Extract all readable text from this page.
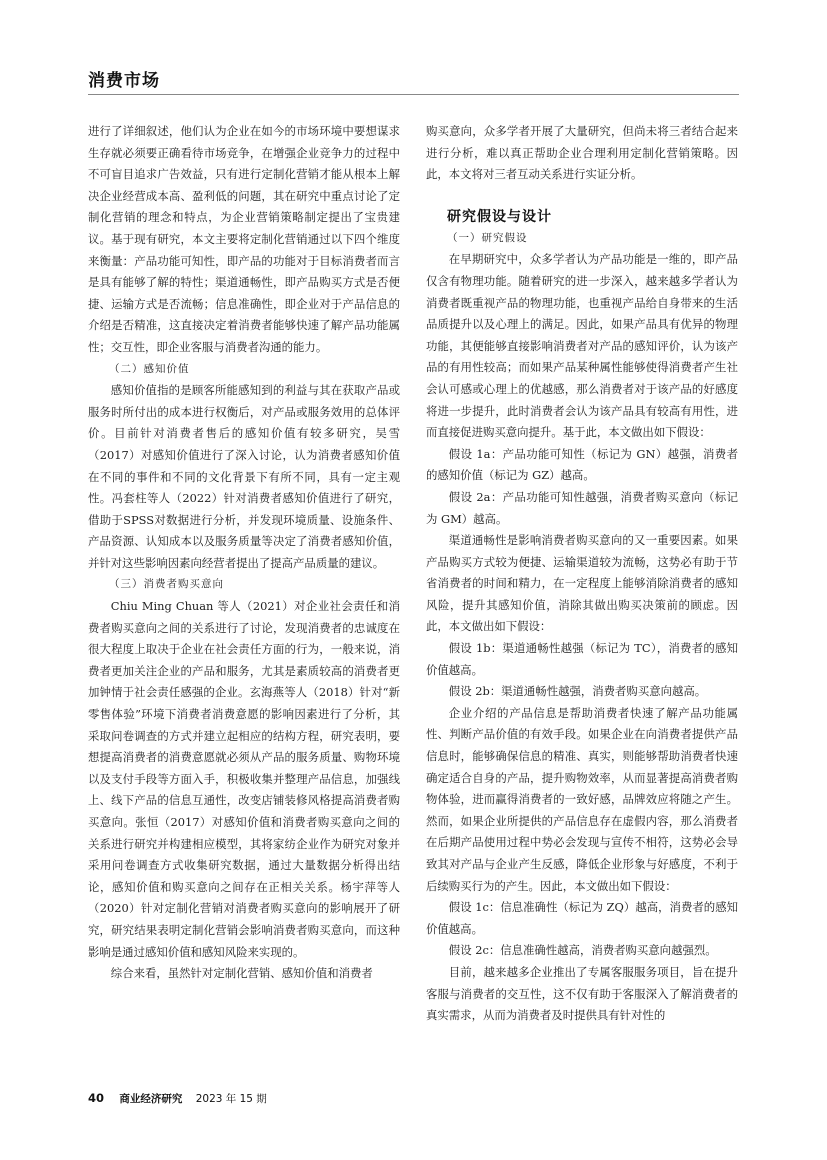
消费市场

进行了详细叙述，他们认为企业在如今的市场环境中要想谋求生存就必须要正确看待市场竞争，在增强企业竞争力的过程中不可盲目追求广告效益，只有进行定制化营销才能从根本上解决企业经营成本高、盈利低的问题，其在研究中重点讨论了定制化营销的理念和特点，为企业营销策略制定提出了宝贵建议。基于现有研究，本文主要将定制化营销通过以下四个维度来衡量：产品功能可知性，即产品的功能对于目标消费者而言是具有能够了解的特性；渠道通畅性，即产品购买方式是否便捷、运输方式是否流畅；信息准确性，即企业对于产品信息的介绍是否精准，这直接决定着消费者能够快速了解产品功能属性；交互性，即企业客服与消费者沟通的能力。

（二）感知价值

感知价值指的是顾客所能感知到的利益与其在获取产品或服务时所付出的成本进行权衡后，对产品或服务效用的总体评价。目前针对消费者售后的感知价值有较多研究，吴雪（2017）对感知价值进行了深入讨论，认为消费者感知价值在不同的事件和不同的文化背景下有所不同，具有一定主观性。冯套柱等人（2022）针对消费者感知价值进行了研究，借助于SPSS对数据进行分析，并发现环境质量、设施条件、产品资源、认知成本以及服务质量等决定了消费者感知价值，并针对这些影响因素向经营者提出了提高产品质量的建议。

（三）消费者购买意向

Chiu Ming Chuan 等人（2021）对企业社会责任和消费者购买意向之间的关系进行了讨论，发现消费者的忠诚度在很大程度上取决于企业在社会责任方面的行为，一般来说，消费者更加关注企业的产品和服务，尤其是素质较高的消费者更加钟情于社会责任感强的企业。玄海燕等人（2018）针对“新零售体验”环境下消费者消费意愿的影响因素进行了分析，其采取问卷调查的方式并建立起相应的结构方程，研究表明，要想提高消费者的消费意愿就必须从产品的服务质量、购物环境以及支付手段等方面入手，积极收集并整理产品信息，加强线上、线下产品的信息互通性，改变店铺装修风格提高消费者购买意向。张恒（2017）对感知价值和消费者购买意向之间的关系进行研究并构建相应模型，其将家纺企业作为研究对象并采用问卷调查方式收集研究数据，通过大量数据分析得出结论，感知价值和购买意向之间存在正相关关系。杨宇萍等人（2020）针对定制化营销对消费者购买意向的影响展开了研究，研究结果表明定制化营销会影响消费者购买意向，而这种影响是通过感知价值和感知风险来实现的。

综合来看，虽然针对定制化营销、感知价值和消费者

购买意向，众多学者开展了大量研究，但尚未将三者结合起来进行分析，难以真正帮助企业合理利用定制化营销策略。因此，本文将对三者互动关系进行实证分析。

研究假设与设计
（一）研究假设

在早期研究中，众多学者认为产品功能是一维的，即产品仅含有物理功能。随着研究的进一步深入，越来越多学者认为消费者既重视产品的物理功能，也重视产品给自身带来的生活品质提升以及心理上的满足。因此，如果产品具有优异的物理功能，其便能够直接影响消费者对产品的感知评价，认为该产品的有用性较高；而如果产品某种属性能够使得消费者产生社会认可感或心理上的优越感，那么消费者对于该产品的好感度将进一步提升，此时消费者会认为该产品具有较高有用性，进而直接促进购买意向提升。基于此，本文做出如下假设：

假设 1a：产品功能可知性（标记为 GN）越强，消费者的感知价值（标记为 GZ）越高。

假设 2a：产品功能可知性越强，消费者购买意向（标记为 GM）越高。

渠道通畅性是影响消费者购买意向的又一重要因素。如果产品购买方式较为便捷、运输渠道较为流畅，这势必有助于节省消费者的时间和精力，在一定程度上能够消除消费者的感知风险，提升其感知价值，消除其做出购买决策前的顾虑。因此，本文做出如下假设：

假设 1b：渠道通畅性越强（标记为 TC），消费者的感知价值越高。

假设 2b：渠道通畅性越强，消费者购买意向越高。

企业介绍的产品信息是帮助消费者快速了解产品功能属性、判断产品价值的有效手段。如果企业在向消费者提供产品信息时，能够确保信息的精准、真实，则能够帮助消费者快速确定适合自身的产品，提升购物效率，从而显著提高消费者购物体验，进而赢得消费者的一致好感，品牌效应将随之产生。然而，如果企业所提供的产品信息存在虚假内容，那么消费者在后期产品使用过程中势必会发现与宣传不相符，这势必会导致其对产品与企业产生反感，降低企业形象与好感度，不利于后续购买行为的产生。因此，本文做出如下假设：

假设 1c：信息准确性（标记为 ZQ）越高，消费者的感知价值越高。

假设 2c：信息准确性越高，消费者购买意向越强烈。

目前，越来越多企业推出了专属客服服务项目，旨在提升客服与消费者的交互性，这不仅有助于客服深入了解消费者的真实需求，从而为消费者及时提供具有针对性的

40 商业经济研究 2023 年 15 期
